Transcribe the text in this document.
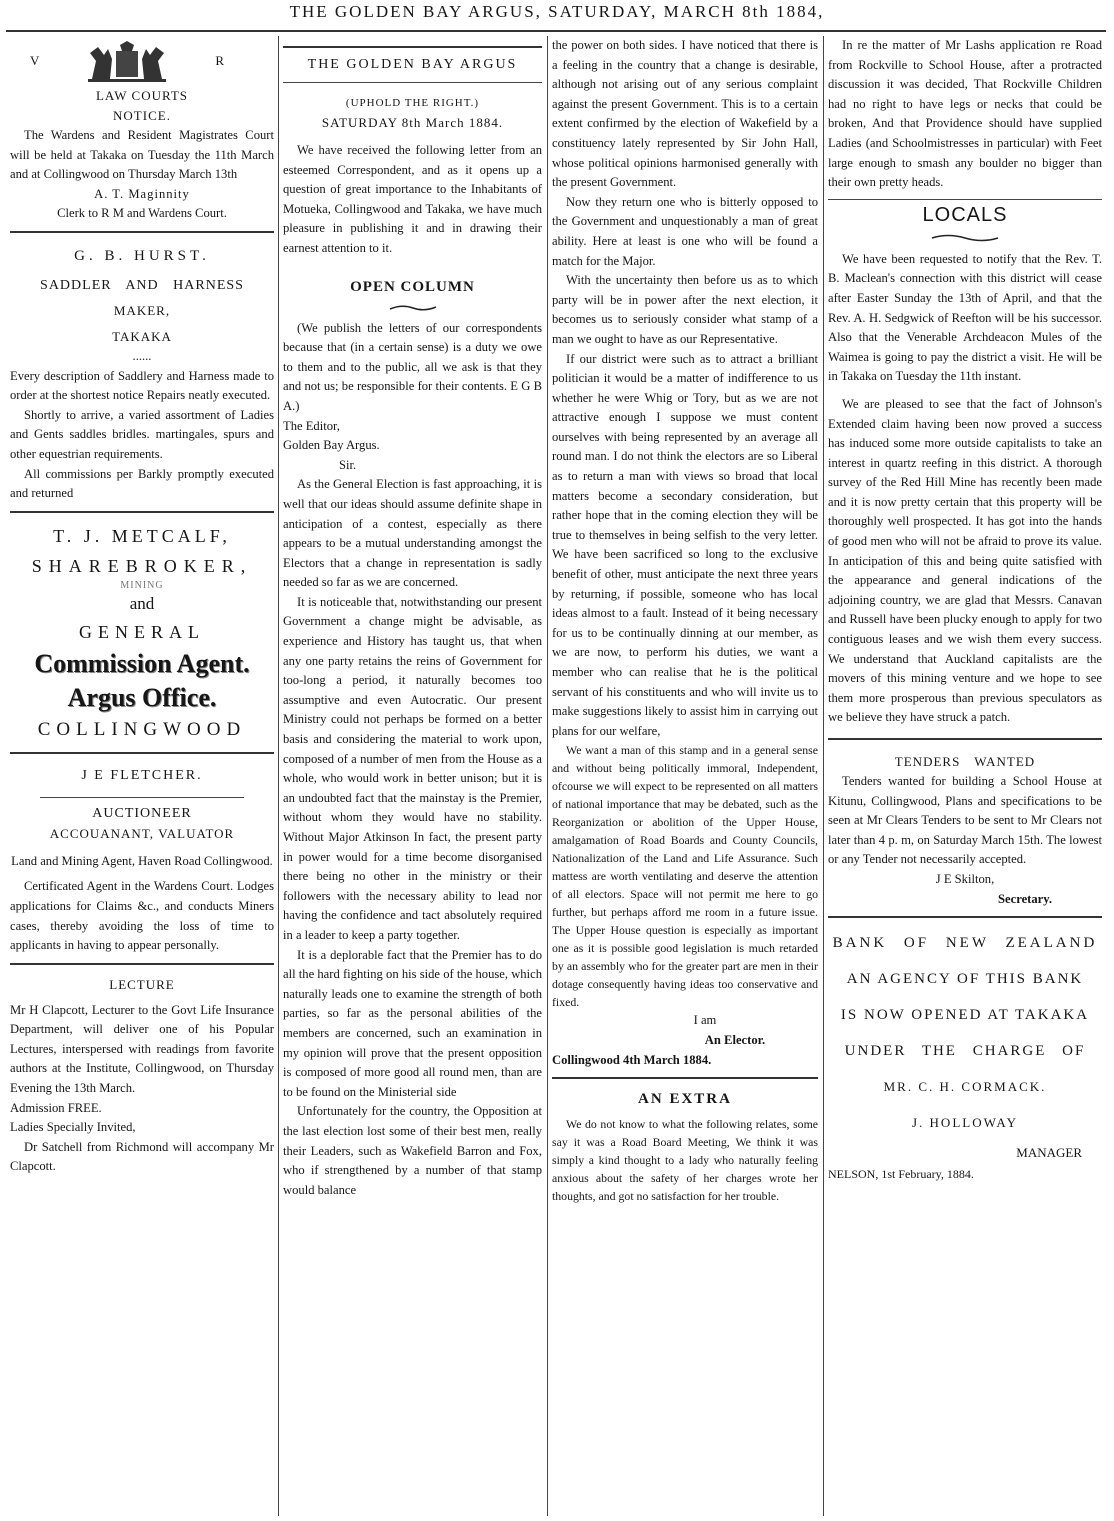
THE GOLDEN BAY ARGUS, SATURDAY, MARCH 8th 1884,
V	R

LAW COURTS

NOTICE.

The Wardens and Resident Magistrates Court will be held at Takaka on Tuesday the 11th March and at Collingwood on Thursday March 13th

A. T. Maginnity

Clerk to R M and Wardens Court.

G. B. HURST.

SADDLER AND HARNESS

MAKER,

TAKAKA

......

Every description of Saddlery and Harness made to order at the shortest notice Repairs neatly executed.

Shortly to arrive, a varied assortment of Ladies and Gents saddles bridles. martingales, spurs and other equestrian requirements.

All commissions per Barkly promptly executed and returned

T. J. METCALF,

SHAREBROKER,

MINING

and

GENERAL

Commission Agent.

Argus Office.

COLLINGWOOD

J E FLETCHER.

AUCTIONEER

ACCOUANANT, VALUATOR

Land and Mining Agent, Haven Road Collingwood.

Certificated Agent in the Wardens Court. Lodges applications for Claims &c., and conducts Miners cases, thereby avoiding the loss of time to applicants in having to appear personally.

LECTURE

Mr H Clapcott, Lecturer to the Govt Life Insurance Department, will deliver one of his Popular Lectures, interspersed with readings from favorite authors at the Institute, Collingwood, on Thursday Evening the 13th March.

Admission FREE.

Ladies Specially Invited,

Dr Satchell from Richmond will accompany Mr Clapcott.

THE GOLDEN BAY ARGUS

(UPHOLD THE RIGHT.)

SATURDAY 8th March 1884.

We have received the following letter from an esteemed Correspondent, and as it opens up a question of great importance to the Inhabitants of Motueka, Collingwood and Takaka, we have much pleasure in publishing it and in drawing their earnest attention to it.

OPEN COLUMN

(We publish the letters of our correspondents because that (in a certain sense) is a duty we owe to them and to the public, all we ask is that they and not us; be responsible for their contents. E G B A.)

The Editor,

Golden Bay Argus.

Sir.

As the General Election is fast approaching, it is well that our ideas should assume definite shape in anticipation of a contest, especially as there appears to be a mutual understanding amongst the Electors that a change in representation is sadly needed so far as we are concerned.

It is noticeable that, notwithstanding our present Government a change might be advisable, as experience and History has taught us, that when any one party retains the reins of Government for too-long a period, it naturally becomes too assumptive and even Autocratic. Our present Ministry could not perhaps be formed on a better basis and considering the material to work upon, composed of a number of men from the House as a whole, who would work in better unison; but it is an undoubted fact that the mainstay is the Premier, without whom they would have no stability. Without Major Atkinson In fact, the present party in power would for a time become disorganised there being no other in the ministry or their followers with the necessary ability to lead nor having the confidence and tact absolutely required in a leader to keep a party together.

It is a deplorable fact that the Premier has to do all the hard fighting on his side of the house, which naturally leads one to examine the strength of both parties, so far as the personal abilities of the members are concerned, such an examination in my opinion will prove that the present opposition is composed of more good all round men, than are to be found on the Ministerial side

Unfortunately for the country, the Opposition at the last election lost some of their best men, really their Leaders, such as Wakefield Barron and Fox, who if strengthened by a number of that stamp would balance

the power on both sides. I have noticed that there is a feeling in the country that a change is desirable, although not arising out of any serious complaint against the present Government. This is to a certain extent confirmed by the election of Wakefield by a constituency lately represented by Sir John Hall, whose political opinions harmonised generally with the present Government.

Now they return one who is bitterly opposed to the Government and unquestionably a man of great ability. Here at least is one who will be found a match for the Major.

With the uncertainty then before us as to which party will be in power after the next election, it becomes us to seriously consider what stamp of a man we ought to have as our Representative.

If our district were such as to attract a brilliant politician it would be a matter of indifference to us whether he were Whig or Tory, but as we are not attractive enough I suppose we must content ourselves with being represented by an average all round man. I do not think the electors are so Liberal as to return a man with views so broad that local matters become a secondary consideration, but rather hope that in the coming election they will be true to themselves in being selfish to the very letter. We have been sacrificed so long to the exclusive benefit of other, must anticipate the next three years by returning, if possible, someone who has local ideas almost to a fault. Instead of it being necessary for us to be continually dinning at our member, as we are now, to perform his duties, we want a member who can realise that he is the political servant of his constituents and who will invite us to make suggestions likely to assist him in carrying out plans for our welfare,

We want a man of this stamp and in a general sense and without being politically immoral, Independent, ofcourse we will expect to be represented on all matters of national importance that may be debated, such as the Reorganization or abolition of the Upper House, amalgamation of Road Boards and County Councils, Nationalization of the Land and Life Assurance. Such mattess are worth ventilating and deserve the attention of all electors. Space will not permit me here to go further, but perhaps afford me room in a future issue. The Upper House question is especially as important one as it is possible good legislation is much retarded by an assembly who for the greater part are men in their dotage consequently having ideas too conservative and fixed.

I am

An Elector.

Collingwood 4th March 1884.

AN EXTRA

We do not know to what the following relates, some say it was a Road Board Meeting, We think it was simply a kind thought to a lady who naturally feeling anxious about the safety of her charges wrote her thoughts, and got no satisfaction for her trouble.

In re the matter of Mr Lashs application re Road from Rockville to School House, after a protracted discussion it was decided, That Rockville Children had no right to have legs or necks that could be broken, And that Providence should have supplied Ladies (and Schoolmistresses in particular) with Feet large enough to smash any boulder no bigger than their own pretty heads.

LOCALS

We have been requested to notify that the Rev. T. B. Maclean's connection with this district will cease after Easter Sunday the 13th of April, and that the Rev. A. H. Sedgwick of Reefton will be his successor. Also that the Venerable Archdeacon Mules of the Waimea is going to pay the district a visit. He will be in Takaka on Tuesday the 11th instant.

We are pleased to see that the fact of Johnson's Extended claim having been now proved a success has induced some more outside capitalists to take an interest in quartz reefing in this district. A thorough survey of the Red Hill Mine has recently been made and it is now pretty certain that this property will be thoroughly well prospected. It has got into the hands of good men who will not be afraid to prove its value. In anticipation of this and being quite satisfied with the appearance and general indications of the adjoining country, we are glad that Messrs. Canavan and Russell have been plucky enough to apply for two contiguous leases and we wish them every success. We understand that Auckland capitalists are the movers of this mining venture and we hope to see them more prosperous than previous speculators as we believe they have struck a patch.

TENDERS WANTED

Tenders wanted for building a School House at Kitunu, Collingwood, Plans and specifications to be seen at Mr Clears Tenders to be sent to Mr Clears not later than 4 p. m, on Saturday March 15th. The lowest or any Tender not necessarily accepted.

J E Skilton,

Secretary.

BANK OF NEW ZEALAND

AN AGENCY OF THIS BANK

IS NOW OPENED AT TAKAKA

UNDER THE CHARGE OF

MR. C. H. CORMACK.

J. HOLLOWAY

MANAGER

NELSON, 1st February, 1884.
